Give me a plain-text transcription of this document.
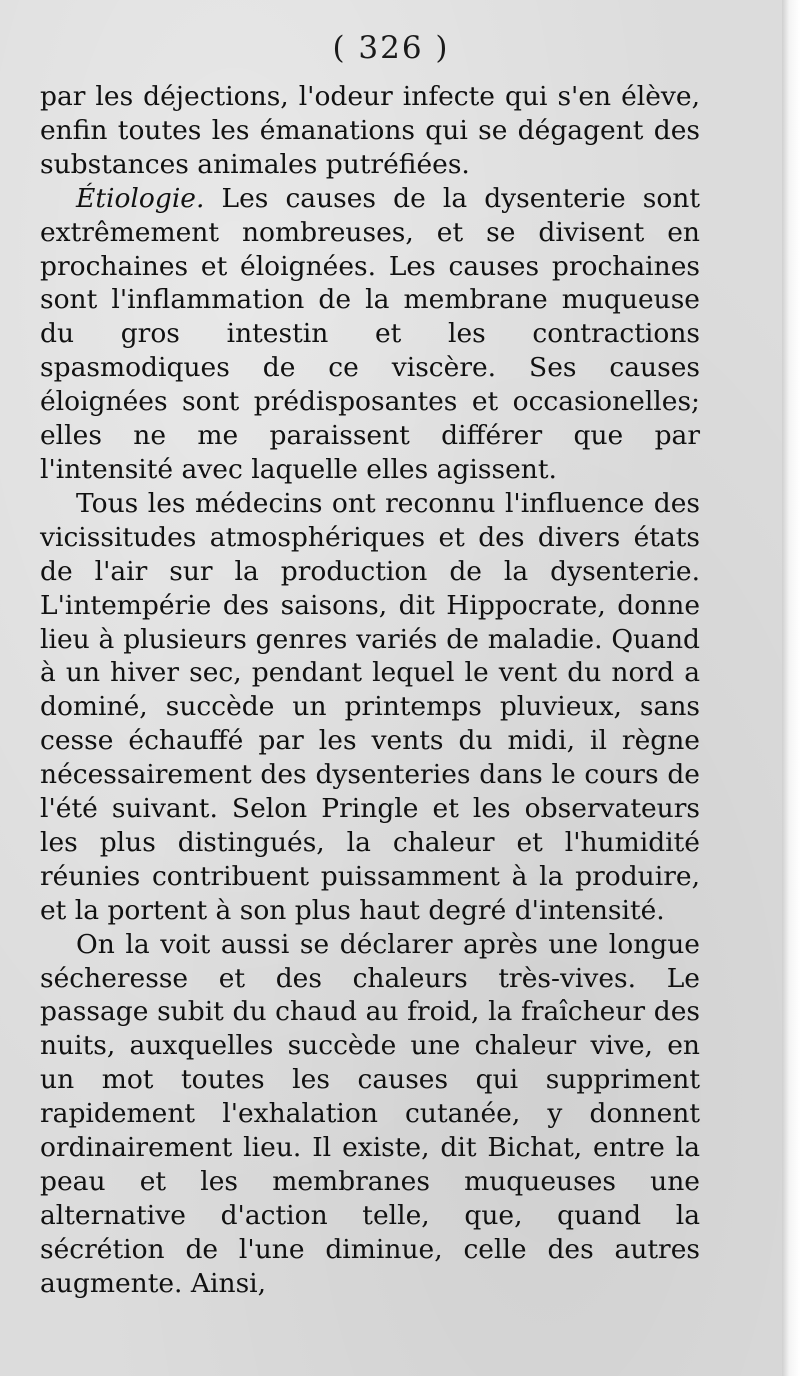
( 326 )

par les déjections, l'odeur infecte qui s'en élève, enfin toutes les émanations qui se dégagent des substances animales putréfiées.

Étiologie. Les causes de la dysenterie sont extrêmement nombreuses, et se divisent en prochaines et éloignées. Les causes prochaines sont l'inflammation de la membrane muqueuse du gros intestin et les contractions spasmodiques de ce viscère. Ses causes éloignées sont prédisposantes et occasionelles; elles ne me paraissent différer que par l'intensité avec laquelle elles agissent.

Tous les médecins ont reconnu l'influence des vicissitudes atmosphériques et des divers états de l'air sur la production de la dysenterie. L'intempérie des saisons, dit Hippocrate, donne lieu à plusieurs genres variés de maladie. Quand à un hiver sec, pendant lequel le vent du nord a dominé, succède un printemps pluvieux, sans cesse échauffé par les vents du midi, il règne nécessairement des dysenteries dans le cours de l'été suivant. Selon Pringle et les observateurs les plus distingués, la chaleur et l'humidité réunies contribuent puissamment à la produire, et la portent à son plus haut degré d'intensité.

On la voit aussi se déclarer après une longue sécheresse et des chaleurs très-vives. Le passage subit du chaud au froid, la fraîcheur des nuits, auxquelles succède une chaleur vive, en un mot toutes les causes qui suppriment rapidement l'exhalation cutanée, y donnent ordinairement lieu. Il existe, dit Bichat, entre la peau et les membranes muqueuses une alternative d'action telle, que, quand la sécrétion de l'une diminue, celle des autres augmente. Ainsi,
